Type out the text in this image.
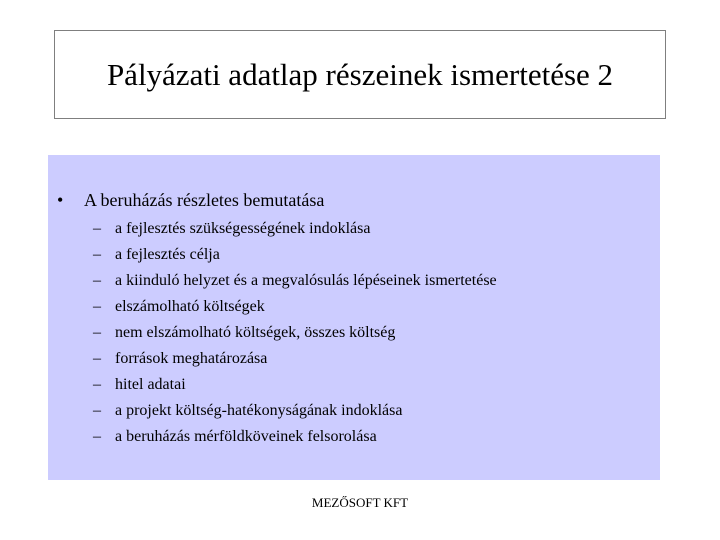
Pályázati adatlap részeinek ismertetése 2
• A beruházás részletes bemutatása
– a fejlesztés szükségességének indoklása
– a fejlesztés célja
– a kiinduló helyzet és a megvalósulás lépéseinek ismertetése
– elszámolható költségek
– nem elszámolható költségek, összes költség
– források meghatározása
– hitel adatai
– a projekt költség-hatékonyságának indoklása
– a beruházás mérföldköveinek felsorolása
MEZŐSOFT KFT
